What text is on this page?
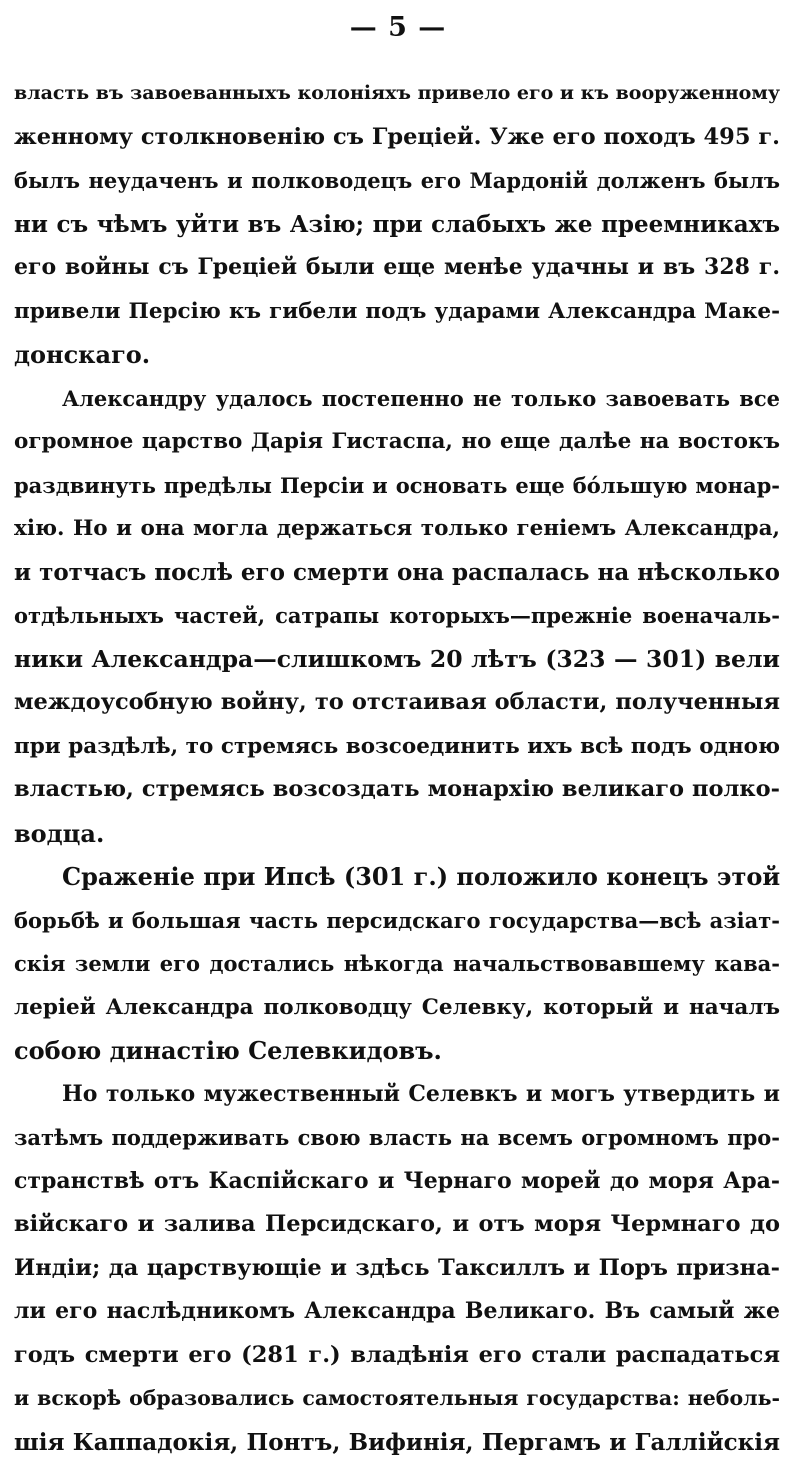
— 5 —
власть въ завоеванныхъ колоніяхъ привело его и къ вооруженному
женному столкновенію съ Греціей. Уже его походъ 495 г.
былъ неудаченъ и полководецъ его Мардоній долженъ былъ
ни съ чѣмъ уйти въ Азію; при слабыхъ же преемникахъ
его войны съ Греціей были еще менѣе удачны и въ 328 г.
привели Персію къ гибели подъ ударами Александра Маке-
донскаго.
Александру удалось постепенно не только завоевать все
огромное царство Дарія Гистаспа, но еще далѣе на востокъ
раздвинуть предѣлы Персіи и основать еще бóльшую монар-
хію. Но и она могла держаться только геніемъ Александра,
и тотчасъ послѣ его смерти она распалась на нѣсколько
отдѣльныхъ частей, сатрапы которыхъ—прежніе военачаль-
ники Александра—слишкомъ 20 лѣтъ (323 — 301) вели
междоусобную войну, то отстаивая области, полученныя
при раздѣлѣ, то стремясь возсоединить ихъ всѣ подъ одною
властью, стремясь возсоздать монархію великаго полко-
водца.
Сраженіе при Ипсѣ (301 г.) положило конецъ этой
борьбѣ и большая часть персидскаго государства—всѣ азіат-
скія земли его достались нѣкогда начальствовавшему кава-
леріей Александра полководцу Селевку, который и началъ
собою династію Селевкидовъ.
Но только мужественный Селевкъ и могъ утвердить и
затѣмъ поддерживать свою власть на всемъ огромномъ про-
странствѣ отъ Каспійскаго и Чернаго морей до моря Ара-
війскаго и залива Персидскаго, и отъ моря Чермнаго до
Индіи; да царствующіе и здѣсь Таксиллъ и Поръ призна-
ли его наслѣдникомъ Александра Великаго. Въ самый же
годъ смерти его (281 г.) владѣнія его стали распадаться
и вскорѣ образовались самостоятельныя государства: неболь-
шія Каппадокія, Понтъ, Вифинія, Пергамъ и Галлійскія
